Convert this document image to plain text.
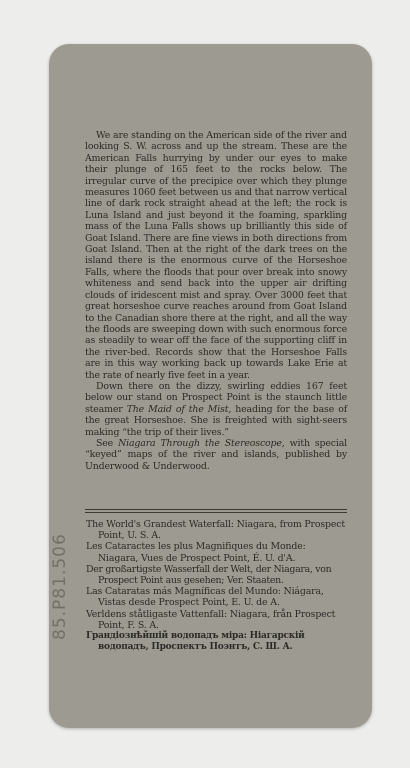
We are standing on the American side of the river and looking S. W. across and up the stream. These are the American Falls hurrying by under our eyes to make their plunge of 165 feet to the rocks below. The irregular curve of the precipice over which they plunge measures 1060 feet between us and that narrow vertical line of dark rock straight ahead at the left; the rock is Luna Island and just beyond it the foaming, sparkling mass of the Luna Falls shows up brilliantly this side of Goat Island. There are fine views in both directions from Goat Island. Then at the right of the dark trees on the island there is the enormous curve of the Horseshoe Falls, where the floods that pour over break into snowy whiteness and send back into the upper air drifting clouds of iridescent mist and spray. Over 3000 feet that great horseshoe curve reaches around from Goat Island to the Canadian shore there at the right, and all the way the floods are sweeping down with such enormous force as steadily to wear off the face of the supporting cliff in the river-bed. Records show that the Horseshoe Falls are in this way working back up towards Lake Erie at the rate of nearly five feet in a year.

Down there on the dizzy, swirling eddies 167 feet below our stand on Prospect Point is the staunch little steamer The Maid of the Mist, heading for the base of the great Horseshoe. She is freighted with sight-seers making “the trip of their lives.”

See Niagara Through the Stereoscope, with special “keyed” maps of the river and islands, published by Underwood & Underwood.

The World's Grandest Waterfall: Niagara, from Prospect Point, U. S. A.

Les Cataractes les plus Magnifiques du Monde: Niagara, Vues de Prospect Point, É. U. d'A.

Der großartigste Wasserfall der Welt, der Niagara, von Prospect Point aus gesehen; Ver. Staaten.

Las Cataratas más Magníficas del Mundo: Niágara, Vistas desde Prospect Point, E. U. de A.

Verldens ståtligaste Vattenfall: Niagara, från Prospect Point, F. S. A.

Грандіознѣйшій водопадъ міра: Ніагарскій водопадъ, Проспектъ Поэнтъ, С. Ш. А.

85.P81.506
